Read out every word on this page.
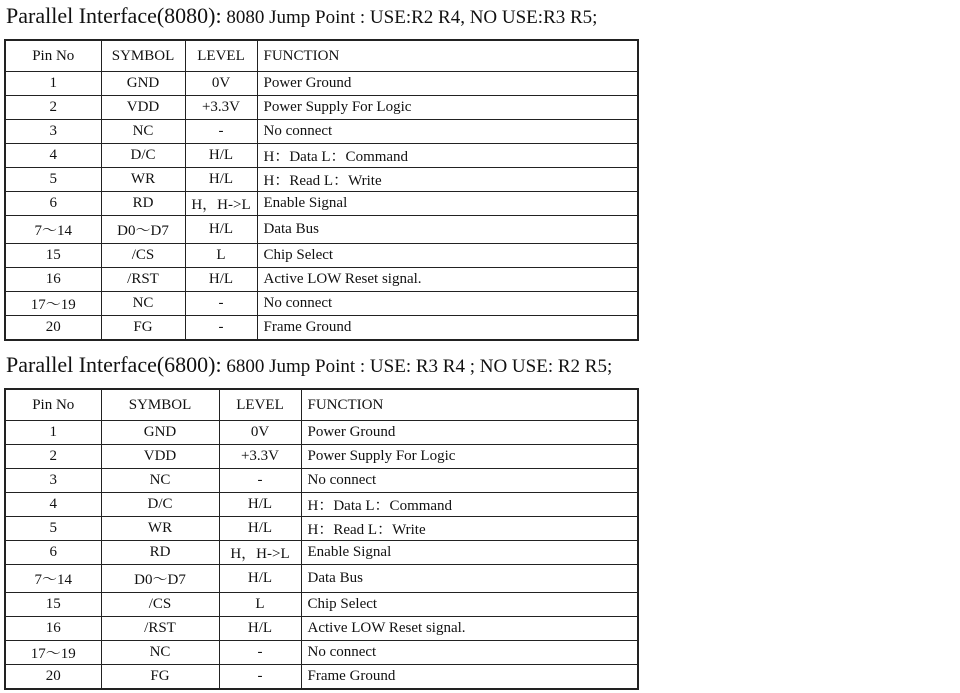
Parallel Interface(8080): 8080 Jump Point : USE:R2 R4, NO USE:R3 R5;
Pin No	SYMBOL	LEVEL	FUNCTION
1	GND	0V	Power Ground
2	VDD	+3.3V	Power Supply For Logic
3	NC	-	No connect
4	D/C	H/L	H：Data L：Command
5	WR	H/L	H：Read L：Write
6	RD	H，H->L	Enable Signal
7～14	D0～D7	H/L	Data Bus
15	/CS	L	Chip Select
16	/RST	H/L	Active LOW Reset signal.
17～19	NC	-	No connect
20	FG	-	Frame Ground
Parallel Interface(6800): 6800 Jump Point : USE: R3 R4 ; NO USE: R2 R5;
Pin No	SYMBOL	LEVEL	FUNCTION
1	GND	0V	Power Ground
2	VDD	+3.3V	Power Supply For Logic
3	NC	-	No connect
4	D/C	H/L	H：Data L：Command
5	WR	H/L	H：Read L：Write
6	RD	H，H->L	Enable Signal
7～14	D0～D7	H/L	Data Bus
15	/CS	L	Chip Select
16	/RST	H/L	Active LOW Reset signal.
17～19	NC	-	No connect
20	FG	-	Frame Ground
